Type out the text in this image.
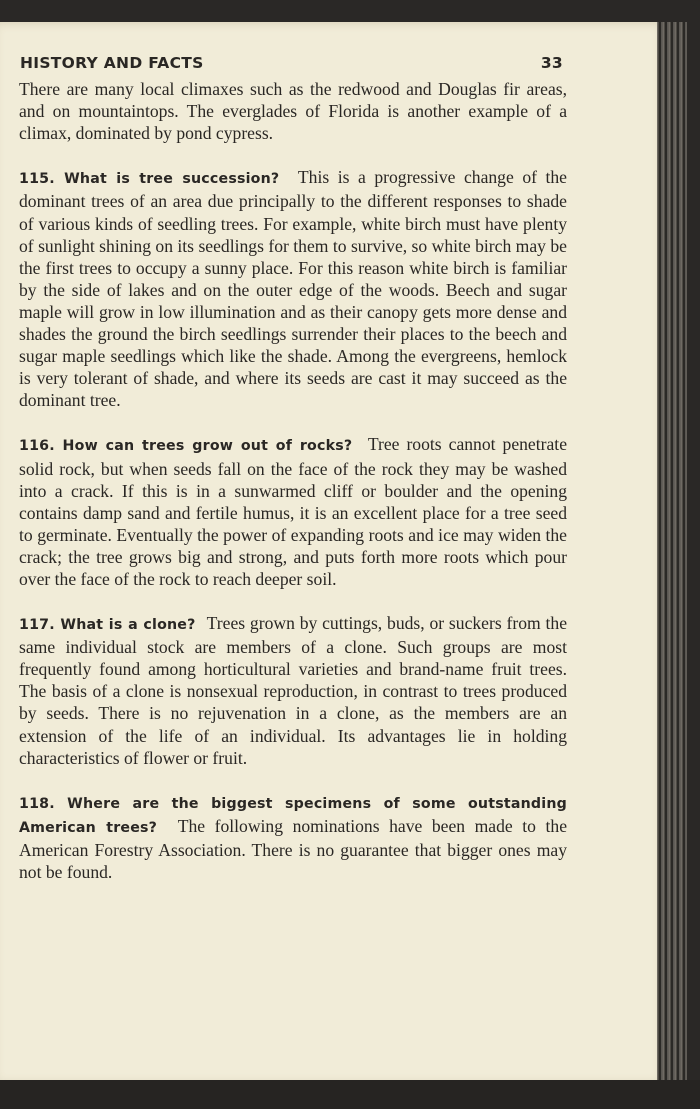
HISTORY AND FACTS	33

There are many local climaxes such as the redwood and Douglas fir areas, and on mountaintops. The everglades of Florida is another example of a climax, dominated by pond cypress.

115. What is tree succession?  This is a progressive change of the dominant trees of an area due principally to the different responses to shade of various kinds of seedling trees. For example, white birch must have plenty of sunlight shining on its seedlings for them to survive, so white birch may be the first trees to occupy a sunny place. For this reason white birch is familiar by the side of lakes and on the outer edge of the woods. Beech and sugar maple will grow in low illumination and as their canopy gets more dense and shades the ground the birch seedlings surrender their places to the beech and sugar maple seedlings which like the shade. Among the evergreens, hemlock is very tolerant of shade, and where its seeds are cast it may succeed as the dominant tree.

116. How can trees grow out of rocks?  Tree roots cannot penetrate solid rock, but when seeds fall on the face of the rock they may be washed into a crack. If this is in a sunwarmed cliff or boulder and the opening contains damp sand and fertile humus, it is an excellent place for a tree seed to germinate. Eventually the power of expanding roots and ice may widen the crack; the tree grows big and strong, and puts forth more roots which pour over the face of the rock to reach deeper soil.

117. What is a clone?  Trees grown by cuttings, buds, or suckers from the same individual stock are members of a clone. Such groups are most frequently found among horticultural varieties and brand-name fruit trees. The basis of a clone is nonsexual reproduction, in contrast to trees produced by seeds. There is no rejuvenation in a clone, as the members are an extension of the life of an individual. Its advantages lie in holding characteristics of flower or fruit.

118. Where are the biggest specimens of some outstanding American trees?  The following nominations have been made to the American Forestry Association. There is no guarantee that bigger ones may not be found.
